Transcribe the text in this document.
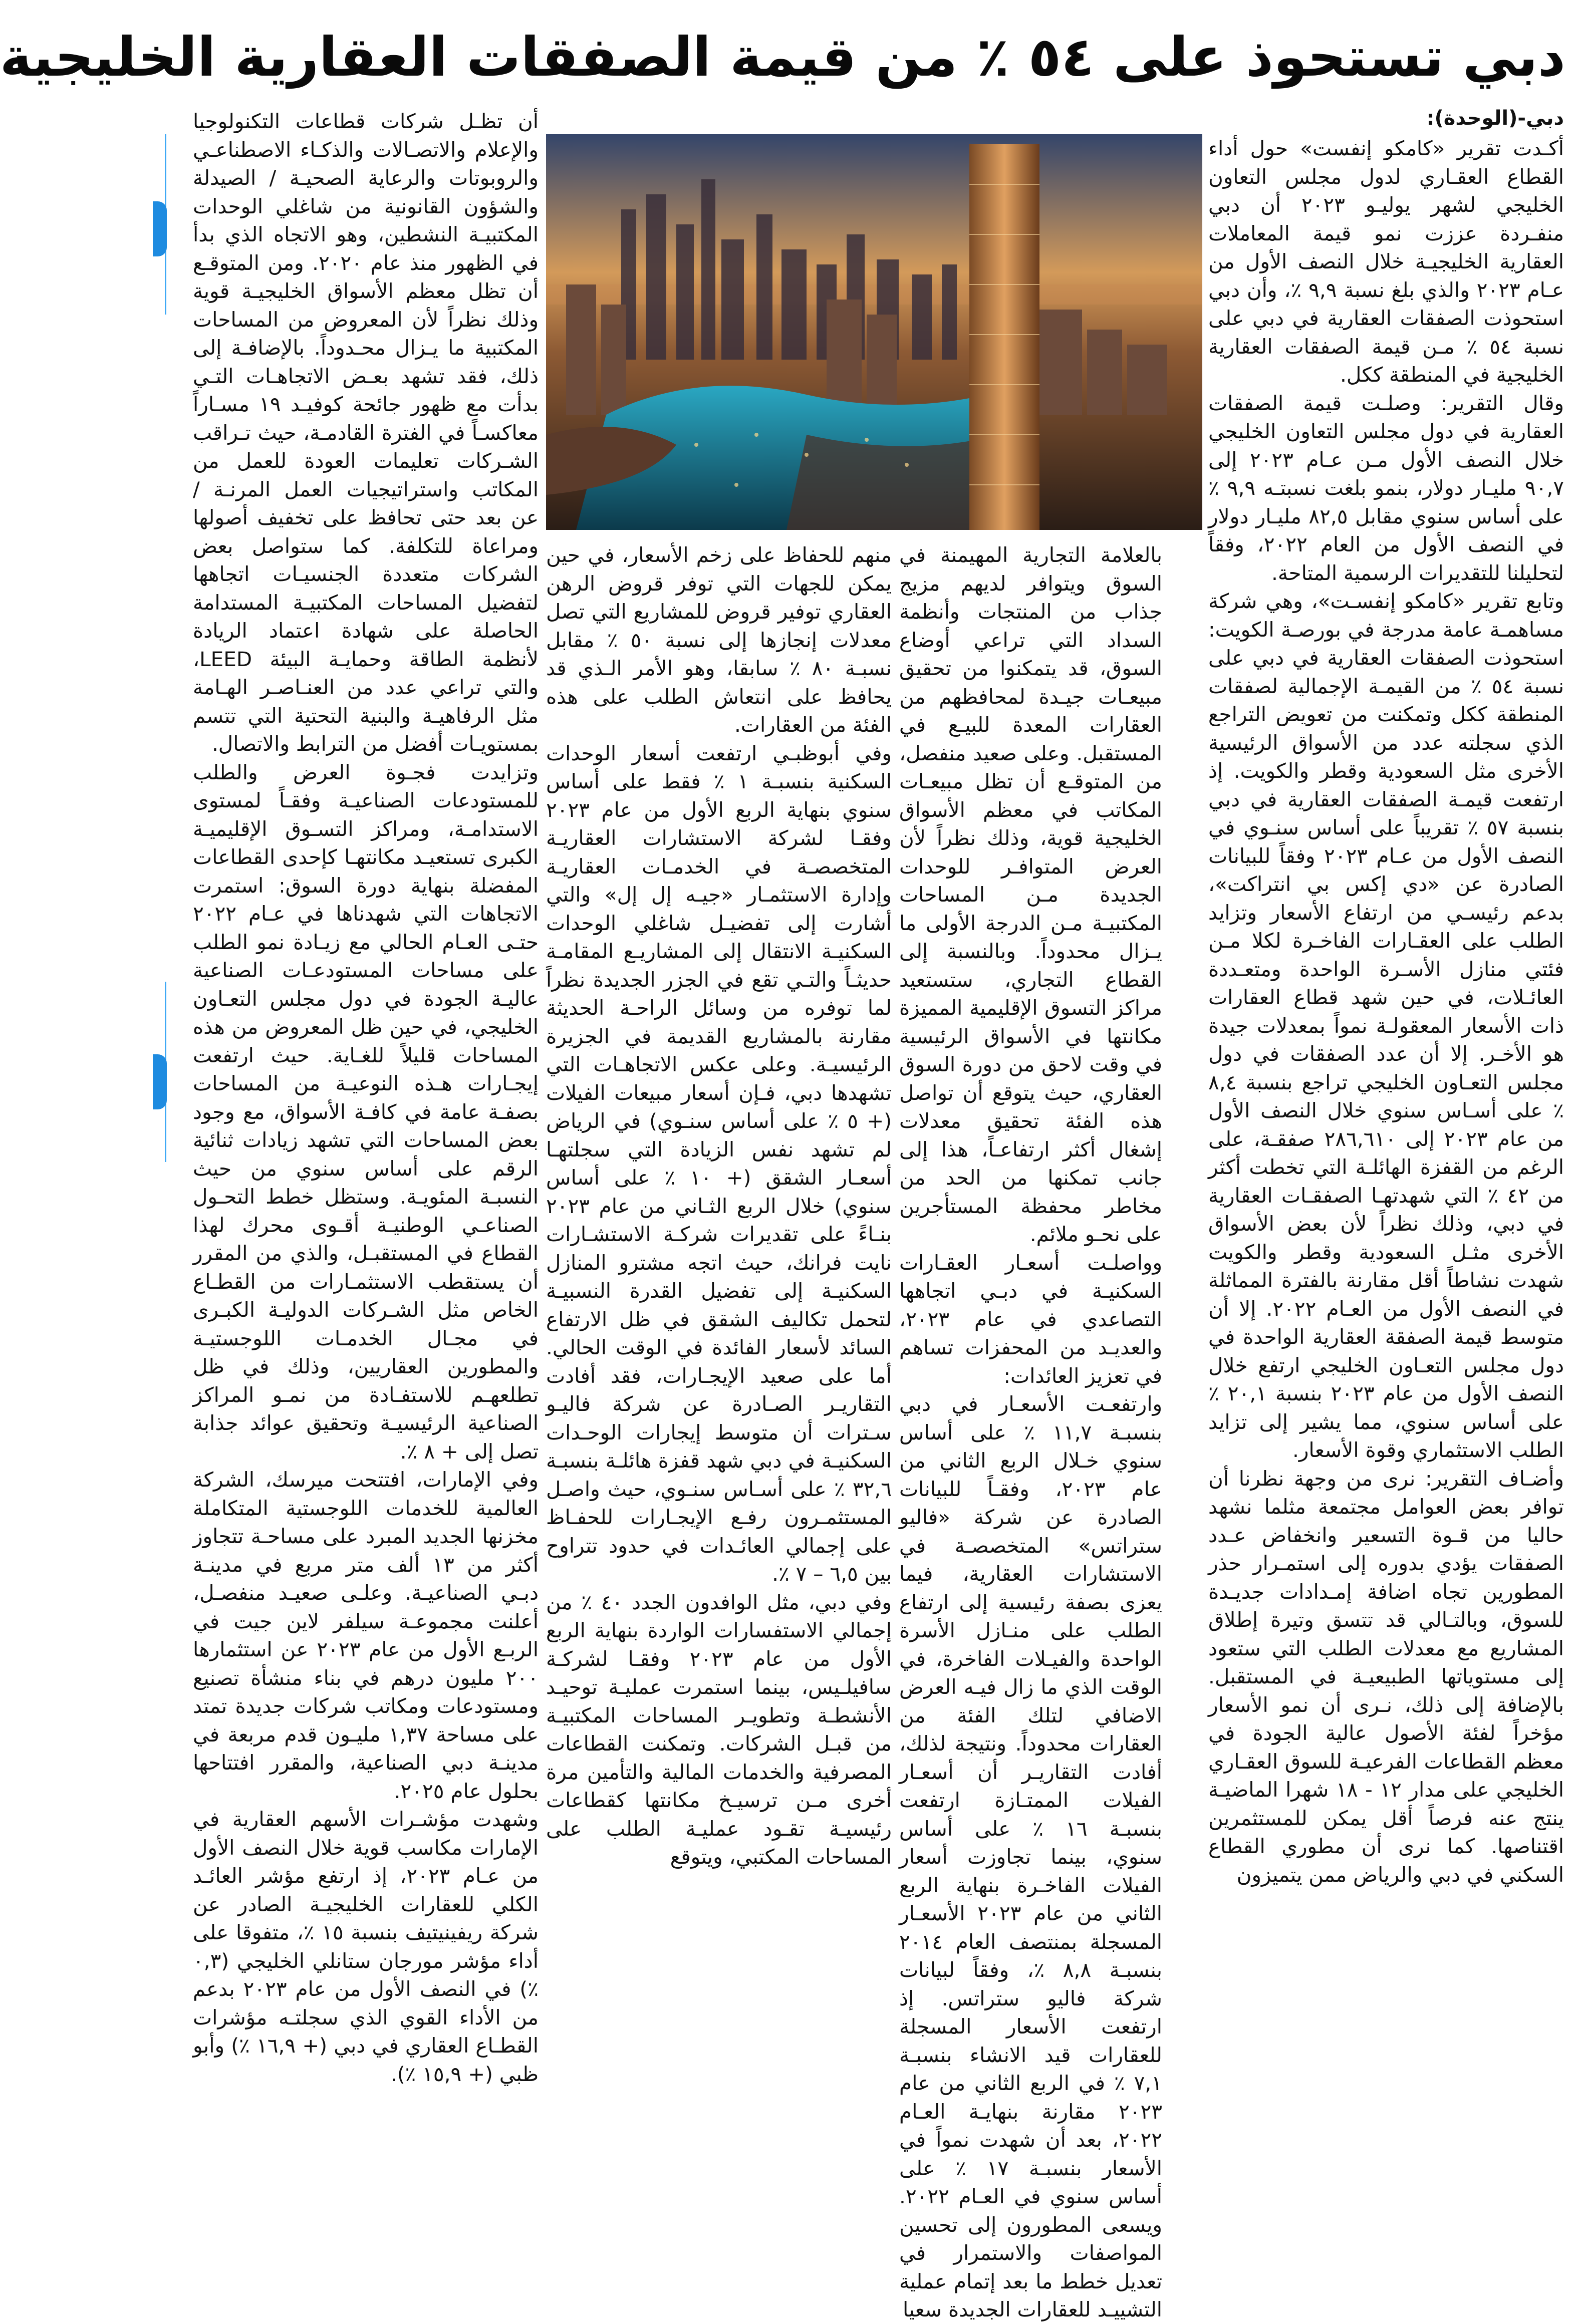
دبي تستحوذ على ٥٤ ٪ من قيمة الصفقات العقارية الخليجية
دبي-(الوحدة):

أكـدت تقرير «كامكو إنفست» حول أداء القطاع العقـاري لدول مجلس التعاون الخليجي لشهر يوليـو ٢٠٢٣ أن دبي منفـردة عززت نمو قيمة المعاملات العقارية الخليجيـة خلال النصف الأول من عـام ٢٠٢٣ والذي بلغ نسبة ٩,٩ ٪، وأن دبي استحوذت الصفقات العقارية في دبي على نسبة ٥٤ ٪ مـن قيمة الصفقات العقارية الخليجية في المنطقة ككل.

وقال التقرير: وصلـت قيمة الصفقات العقارية في دول مجلس التعاون الخليجي خلال النصف الأول مـن عـام ٢٠٢٣ إلى ٩٠,٧ مليـار دولار، بنمو بلغت نسبتـه ٩,٩ ٪ على أساس سنوي مقابل ٨٢,٥ مليـار دولار في النصف الأول من العام ٢٠٢٢، وفقاً لتحليلنا للتقديرات الرسمية المتاحة.

وتابع تقرير «كامكو إنفسـت»، وهي شركة مساهمـة عامة مدرجة في بورصـة الكويت: استحوذت الصفقات العقارية في دبي على نسبة ٥٤ ٪ من القيمـة الإجمالية لصفقات المنطقة ككل وتمكنت من تعويض التراجع الذي سجلته عدد من الأسواق الرئيسية الأخرى مثل السعودية وقطر والكويت. إذ ارتفعت قيمـة الصفقات العقارية في دبي بنسبة ٥٧ ٪ تقريباً على أساس سنـوي في النصف الأول من عـام ٢٠٢٣ وفقاً للبيانات الصادرة عن «دي إكس بي انتراكت»، بدعم رئيسـي من ارتفاع الأسعار وتزايد الطلب على العقـارات الفاخـرة لكلا مـن فئتي منازل الأسـرة الواحدة ومتعـددة العائـلات، في حين شهد قطاع العقارات ذات الأسعار المعقولـة نمواً بمعدلات جيدة هو الأخـر. إلا أن عدد الصفقات في دول مجلس التعـاون الخليجي تراجع بنسبة ٨,٤ ٪ على أسـاس سنوي خلال النصف الأول من عام ٢٠٢٣ إلى ٢٨٦,٦١٠ صفقـة، على الرغم من القفزة الهائلـة التي تخطت أكثر من ٤٢ ٪ التي شهدتهـا الصفقـات العقارية في دبي، وذلك نظراً لأن بعض الأسواق الأخرى مثـل السعودية وقطر والكويت شهدت نشاطاً أقل مقارنة بالفترة المماثلة في النصف الأول من العـام ٢٠٢٢. إلا أن متوسط قيمة الصفقة العقارية الواحدة في دول مجلس التعـاون الخليجي ارتفع خلال النصف الأول من عام ٢٠٢٣ بنسبة ٢٠,١ ٪ على أساس سنوي، مما يشير إلى تزايد الطلب الاستثماري وقوة الأسعار.

وأضـاف التقرير: نرى من وجهة نظرنا أن توافر بعض العوامل مجتمعة مثلما نشهد حاليا من قـوة التسعير وانخفاض عـدد الصفقات يؤدي بدوره إلى استمـرار حذر المطورين تجاه اضافة إمـدادات جديـدة للسوق، وبالتـالي قد تتسق وتيرة إطلاق المشاريع مع معدلات الطلب التي ستعود إلى مستوياتها الطبيعيـة في المستقبل. بالإضافة إلى ذلك، نـرى أن نمو الأسعار مؤخراً لفئة الأصول عالية الجودة في معظم القطاعات الفرعيـة للسوق العقـاري الخليجي على مدار ١٢ - ١٨ شهرا الماضيـة ينتج عنه فرصاً أقل يمكن للمستثمرين اقتناصها. كما نرى أن مطوري القطاع السكني في دبي والرياض ممن يتميزون

بالعلامة التجارية المهيمنة في السوق ويتوافر لديهم مزيج جذاب من المنتجات وأنظمة السداد التي تراعي أوضاع السوق، قد يتمكنوا من تحقيق مبيعـات جيـدة لمحافظهم من العقارات المعدة للبيـع في المستقبل. وعلى صعيد منفصل، من المتوقـع أن تظل مبيعـات المكاتب في معظم الأسواق الخليجية قوية، وذلك نظراً لأن العرض المتوافـر للوحدات الجديدة مـن المساحات المكتبيـة مـن الدرجة الأولى ما يـزال محدوداً. وبالنسبة إلى القطاع التجاري، ستستعيد مراكز التسوق الإقليمية المميزة مكانتها في الأسواق الرئيسية في وقت لاحق من دورة السوق العقاري، حيث يتوقع أن تواصل هذه الفئة تحقيق معدلات إشغال أكثر ارتفاعـاً، هذا إلى جانب تمكنها من الحد من مخاطر محفظة المستأجرين على نحـو ملائم.

وواصلـت أسعـار العقـارات السكنيـة في دبـي اتجاهها التصاعدي في عام ٢٠٢٣، والعديـد من المحفزات تساهم في تعزيز العائدات:

وارتفعـت الأسعـار في دبي بنسبـة ١١,٧ ٪ على أساس سنوي خـلال الربع الثاني من عام ٢٠٢٣، وفقـاً للبيانات الصادرة عن شركة «فاليو ستراتس» المتخصصـة في الاستشارات العقارية، فيما يعزى بصفة رئيسية إلى ارتفاع الطلب على منـازل الأسرة الواحدة والفيـلات الفاخرة، في الوقت الذي ما زال فيـه العرض الاضافي لتلك الفئة من العقارات محدوداً. ونتيجة لذلك، أفادت التقاريـر أن أسعـار الفيلات الممتـازة ارتفعت بنسبـة ١٦ ٪ على أساس سنوي، بينما تجاوزت أسعار الفيلات الفاخـرة بنهاية الربع الثاني من عام ٢٠٢٣ الأسعـار المسجلة بمنتصف العام ٢٠١٤ بنسبـة ٨,٨ ٪، وفقاً لبيانات شركة فاليو ستراتس. إذ ارتفعت الأسعار المسجلة للعقارات قيد الانشاء بنسبـة ٧,١ ٪ في الربع الثاني من عام ٢٠٢٣ مقارنة بنهايـة العـام ٢٠٢٢، بعد أن شهدت نمواً في الأسعار بنسبـة ١٧ ٪ على أساس سنوي في العـام ٢٠٢٢. ويسعى المطورون إلى تحسين المواصفات والاستمرار في تعديل خطط ما بعد إتمام عملية التشييـد للعقارات الجديدة سعيا

منهم للحفاظ على زخم الأسعار، في حين يمكن للجهات التي توفر قروض الرهن العقاري توفير قروض للمشاريع التي تصل معدلات إنجازها إلى نسبة ٥٠ ٪ مقابل نسبـة ٨٠ ٪ سابقا، وهو الأمر الـذي قد يحافظ على انتعاش الطلب على هذه الفئة من العقارات.

وفي أبوظبـي ارتفعت أسعار الوحدات السكنية بنسبـة ١ ٪ فقط على أساس سنوي بنهاية الربع الأول من عام ٢٠٢٣ وفقـا لشركة الاستشارات العقاريـة المتخصصـة في الخدمـات العقاريـة وإدارة الاستثمـار «جيـه إل إل» والتي أشارت إلى تفضيـل شاغلي الوحدات السكنيـة الانتقال إلى المشاريـع المقامـة حديثـاً والتـي تقع في الجزر الجديدة نظراً لما توفره من وسائل الراحـة الحديثة مقارنة بالمشاريع القديمة في الجزيرة الرئيسيـة. وعلى عكس الاتجاهـات التي تشهدها دبي، فـإن أسعار مبيعات الفيلات (+ ٥ ٪ على أساس سنـوي) في الرياض لم تشهد نفس الزيادة التي سجلتهـا أسعـار الشقق (+ ١٠ ٪ على أساس سنوي) خلال الربع الثـاني من عام ٢٠٢٣ بنـاءً على تقديرات شركـة الاستشـارات نايت فرانك، حيث اتجه مشترو المنازل السكنيـة إلى تفضيل القدرة النسبيـة لتحمل تكاليف الشقق في ظل الارتفاع السائد لأسعار الفائدة في الوقت الحالي. أما على صعيد الإيجـارات، فقد أفادت التقاريـر الصـادرة عن شركة فاليـو سـترات أن متوسط إيجارات الوحـدات السكنيـة في دبي شهد قفزة هائلـة بنسبـة ٣٢,٦ ٪ على أسـاس سنـوي، حيث واصـل المستثمـرون رفـع الإيجـارات للحفـاظ على إجمالي العائـدات في حدود تتراوح بين ٦,٥ – ٧ ٪.

وفي دبي، مثل الوافدون الجدد ٤٠ ٪ من إجمالي الاستفسارات الواردة بنهاية الربع الأول من عام ٢٠٢٣ وفقـا لشركـة سافيلـيس، بينما استمرت عمليـة توحيـد الأنشطـة وتطويـر المساحات المكتبيـة من قبـل الشركات. وتمكنت القطاعات المصرفية والخدمات المالية والتأمين مرة أخرى مـن ترسيـخ مكانتها كقطاعات رئيسيـة تقـود عمليـة الطلب على المساحات المكتبي، ويتوقع

أن تظـل شركات قطاعات التكنولوجيا والإعلام والاتصـالات والذكـاء الاصطناعـي والروبوتات والرعاية الصحيـة / الصيدلة والشؤون القانونية من شاغلي الوحدات المكتبيـة النشطين، وهو الاتجاه الذي بدأ في الظهور منذ عام ٢٠٢٠. ومن المتوقـع أن تظل معظم الأسواق الخليجيـة قوية وذلك نظراً لأن المعروض من المساحات المكتبية ما يـزال محـدوداً. بالإضافـة إلى ذلك، فقد تشهد بعـض الاتجاهـات التـي بدأت مع ظهور جائحة كوفيـد ١٩ مسـاراً معاكسـاً في الفترة القادمـة، حيث تـراقب الشـركات تعليمات العودة للعمل من المكاتب واستراتيجيات العمل المرنـة / عن بعد حتى تحافظ على تخفيف أصولها ومراعاة للتكلفة. كما ستواصل بعض الشركات متعددة الجنسيـات اتجاهها لتفضيل المساحات المكتبيـة المستدامة الحاصلة على شهادة اعتماد الريادة لأنظمة الطاقة وحمايـة البيئة LEED، والتي تراعي عدد من العنـاصـر الهـامة مثل الرفاهيـة والبنية التحتية التي تتسم بمستويـات أفضل من الترابط والاتصال.

وتزايدت فجـوة العرض والطلب للمستودعات الصناعيـة وفقـاً لمستوى الاستدامـة، ومراكز التسـوق الإقليميـة الكبرى تستعيـد مكانتهـا كإحدى القطاعات المفضلة بنهاية دورة السوق: استمرت الاتجاهات التي شهدناها في عـام ٢٠٢٢ حتـى العـام الحالي مع زيـادة نمو الطلب على مساحات المستودعـات الصناعية عاليـة الجودة في دول مجلس التعـاون الخليجي، في حين ظل المعروض من هذه المساحات قليلاً للغـاية. حيث ارتفعت إيجـارات هـذه النوعيـة من المساحات بصفـة عامة في كافـة الأسواق، مع وجود بعض المساحات التي تشهد زيادات ثنائية الرقم على أساس سنوي من حيث النسبـة المئويـة. وستظل خطط التحـول الصناعـي الوطنيـة أقـوى محرك لهذا القطاع في المستقبـل، والذي من المقرر أن يستقطب الاستثمـارات من القطـاع الخاص مثل الشـركات الدوليـة الكبـرى في مجـال الخدمـات اللوجستيـة والمطورين العقاريين، وذلك في ظل تطلعهـم للاستفـادة من نمـو المراكز الصناعية الرئيسيـة وتحقيق عوائد جذابة تصل إلى + ٨ ٪.

وفي الإمارات، افتتحت ميرسك، الشركة العالمية للخدمات اللوجستية المتكاملة مخزنها الجديد المبرد على مساحـة تتجاوز أكثر من ١٣ ألف متر مربع في مدينـة دبـي الصناعيـة. وعلـى صعيـد منفصـل، أعلنت مجموعـة سيلفر لاين جيت في الربـع الأول من عام ٢٠٢٣ عن استثمارها ٢٠٠ مليون درهم في بناء منشأة تصنيع ومستودعات ومكاتب شركات جديدة تمتد على مساحة ١,٣٧ مليـون قدم مربعة في مدينـة دبي الصناعية، والمقرر افتتاحها بحلول عام ٢٠٢٥.

وشهدت مؤشـرات الأسهم العقارية في الإمارات مكاسب قوية خلال النصف الأول من عـام ٢٠٢٣، إذ ارتفع مؤشر العائـد الكلي للعقارات الخليجيـة الصادر عن شركة ريفينيتيف بنسبة ١٥ ٪، متفوقا على أداء مؤشر مورجان ستانلي الخليجي (٠,٣ ٪) في النصف الأول من عام ٢٠٢٣ بدعم من الأداء القوي الذي سجلتـه مؤشرات القطـاع العقاري في دبي (+ ١٦,٩ ٪) وأبو ظبي (+ ١٥,٩ ٪).
